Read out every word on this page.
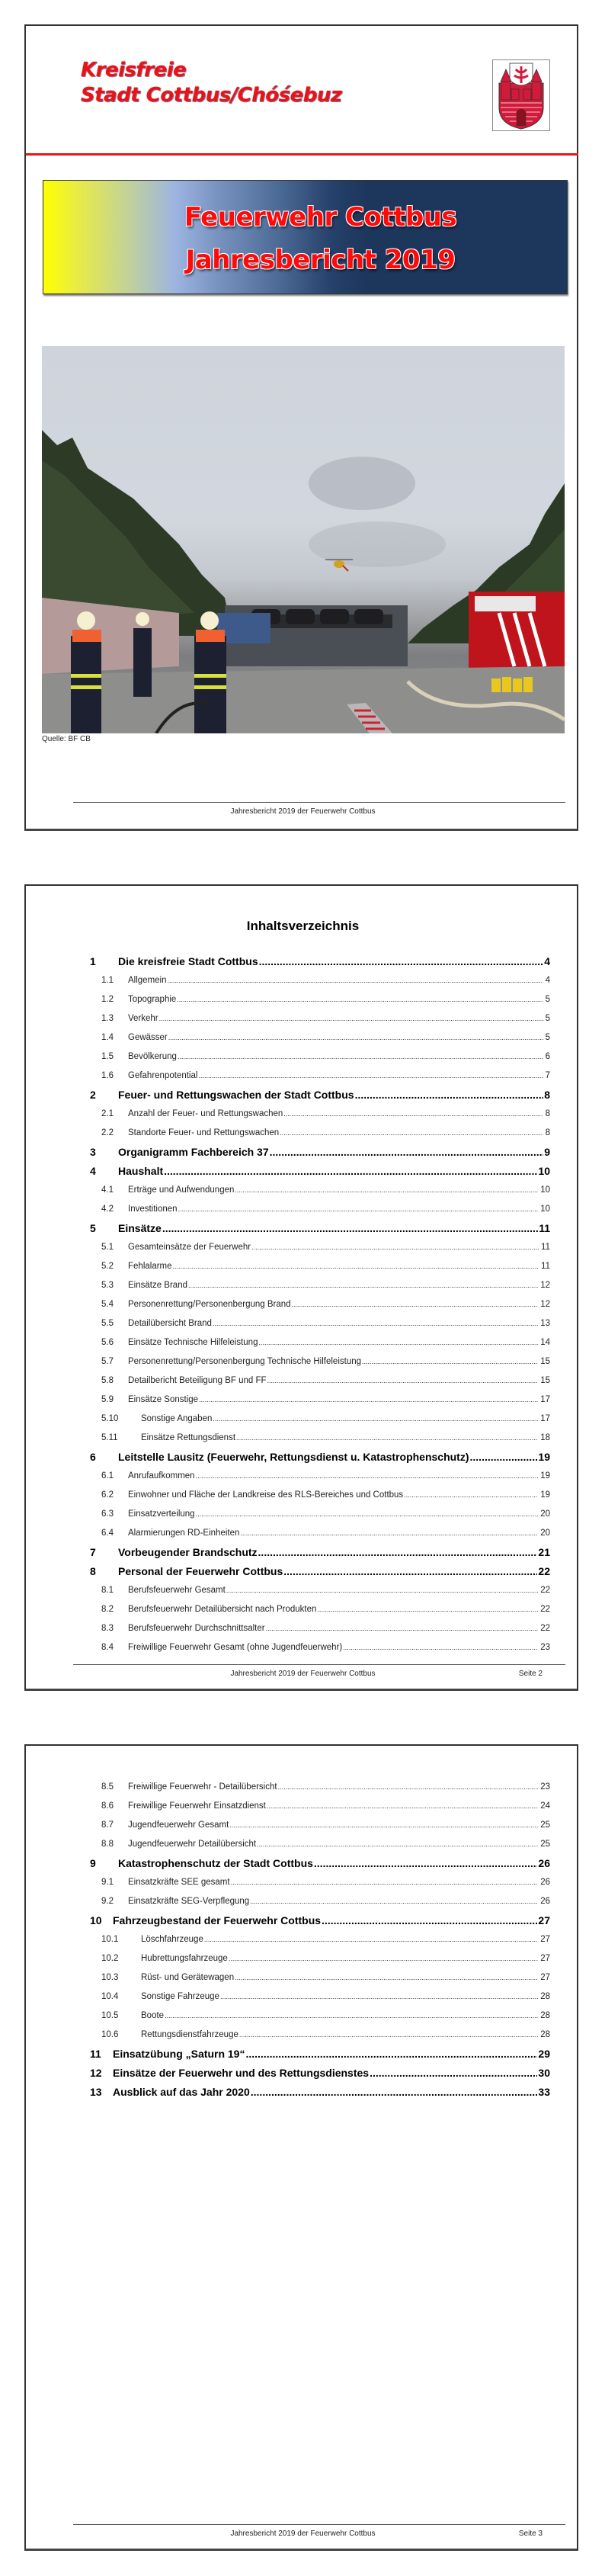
Kreisfreie
Stadt Cottbus/Chóśebuz
Feuerwehr Cottbus
Jahresbericht 2019
Quelle: BF CB
Jahresbericht 2019 der Feuerwehr Cottbus
Inhaltsverzeichnis
1	Die kreisfreie Stadt Cottbus .....	4
1.1	Allgemein .....	4
1.2	Topographie .....	5
1.3	Verkehr .....	5
1.4	Gewässer .....	5
1.5	Bevölkerung .....	6
1.6	Gefahrenpotential .....	7
2	Feuer- und Rettungswachen der Stadt Cottbus .....	8
2.1	Anzahl der Feuer- und Rettungswachen .....	8
2.2	Standorte Feuer- und Rettungswachen .....	8
3	Organigramm Fachbereich 37 .....	9
4	Haushalt .....	10
4.1	Erträge und Aufwendungen .....	10
4.2	Investitionen .....	10
5	Einsätze .....	11
5.1	Gesamteinsätze der Feuerwehr .....	11
5.2	Fehlalarme .....	11
5.3	Einsätze Brand .....	12
5.4	Personenrettung/Personenbergung Brand .....	12
5.5	Detailübersicht Brand .....	13
5.6	Einsätze Technische Hilfeleistung .....	14
5.7	Personenrettung/Personenbergung Technische Hilfeleistung .....	15
5.8	Detailbericht Beteiligung BF und FF .....	15
5.9	Einsätze Sonstige .....	17
5.10	Sonstige Angaben .....	17
5.11	Einsätze Rettungsdienst .....	18
6	Leitstelle Lausitz (Feuerwehr, Rettungsdienst u. Katastrophenschutz) .....	19
6.1	Anrufaufkommen .....	19
6.2	Einwohner und Fläche der Landkreise des RLS-Bereiches und Cottbus .....	19
6.3	Einsatzverteilung .....	20
6.4	Alarmierungen RD-Einheiten .....	20
7	Vorbeugender Brandschutz .....	21
8	Personal der Feuerwehr Cottbus .....	22
8.1	Berufsfeuerwehr Gesamt .....	22
8.2	Berufsfeuerwehr Detailübersicht nach Produkten .....	22
8.3	Berufsfeuerwehr Durchschnittsalter .....	22
8.4	Freiwillige Feuerwehr Gesamt (ohne Jugendfeuerwehr) .....	23
Jahresbericht 2019 der Feuerwehr Cottbus	Seite 2
8.5	Freiwillige Feuerwehr - Detailübersicht .....	23
8.6	Freiwillige Feuerwehr Einsatzdienst .....	24
8.7	Jugendfeuerwehr Gesamt .....	25
8.8	Jugendfeuerwehr Detailübersicht .....	25
9	Katastrophenschutz der Stadt Cottbus .....	26
9.1	Einsatzkräfte SEE gesamt .....	26
9.2	Einsatzkräfte SEG-Verpflegung .....	26
10	Fahrzeugbestand der Feuerwehr Cottbus .....	27
10.1	Löschfahrzeuge .....	27
10.2	Hubrettungsfahrzeuge .....	27
10.3	Rüst- und Gerätewagen .....	27
10.4	Sonstige Fahrzeuge .....	28
10.5	Boote .....	28
10.6	Rettungsdienstfahrzeuge .....	28
11	Einsatzübung „Saturn 19“ .....	29
12	Einsätze der Feuerwehr und des Rettungsdienstes .....	30
13	Ausblick auf das Jahr 2020 .....	33
Jahresbericht 2019 der Feuerwehr Cottbus	Seite 3
